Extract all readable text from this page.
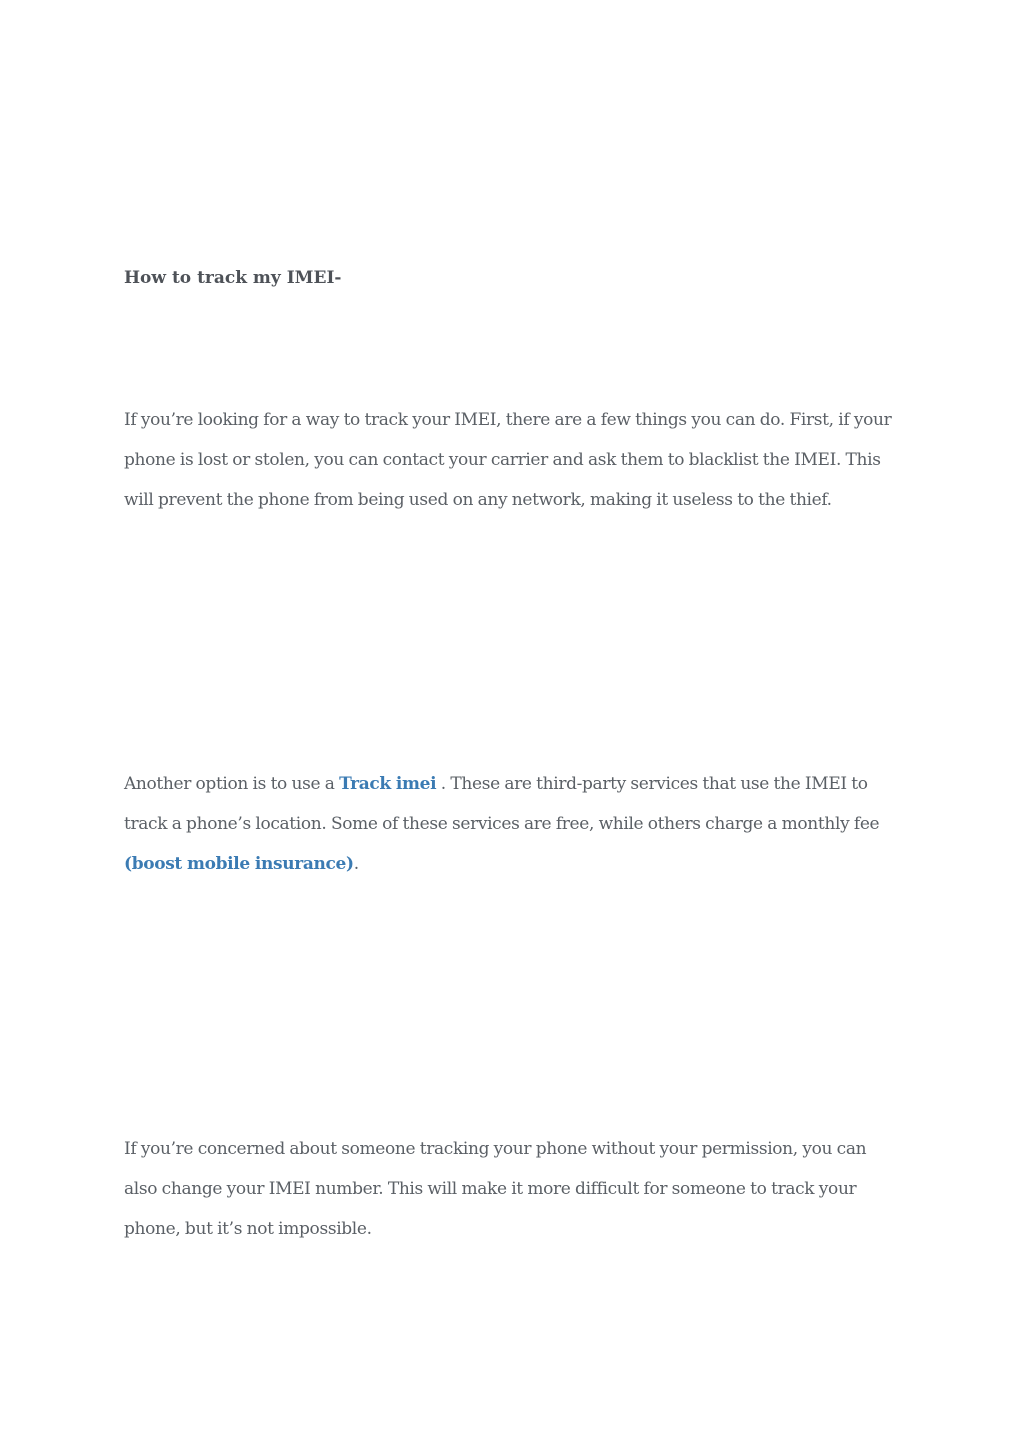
How to track my IMEI-

If you’re looking for a way to track your IMEI, there are a few things you can do. First, if your
phone is lost or stolen, you can contact your carrier and ask them to blacklist the IMEI. This
will prevent the phone from being used on any network, making it useless to the thief.

Another option is to use a Track imei . These are third-party services that use the IMEI to
track a phone’s location. Some of these services are free, while others charge a monthly fee
(boost mobile insurance).

If you’re concerned about someone tracking your phone without your permission, you can
also change your IMEI number. This will make it more difficult for someone to track your
phone, but it’s not impossible.
